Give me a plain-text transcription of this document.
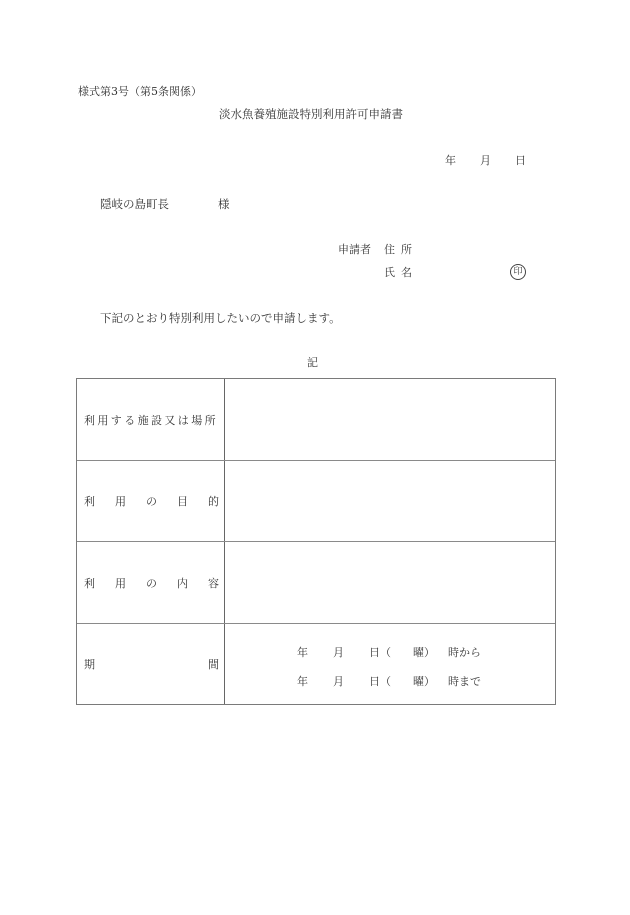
様式第3号（第5条関係）
淡水魚養殖施設特別利用許可申請書
年 月 日
隠岐の島町長	様
申請者 住所
氏名	印
下記のとおり特別利用したいので申請します。
記
利用する施設又は場所
利 用 の 目 的
利 用 の 内 容
期	間
年	月	日（	曜）	時から
年	月	日（	曜）	時まで
